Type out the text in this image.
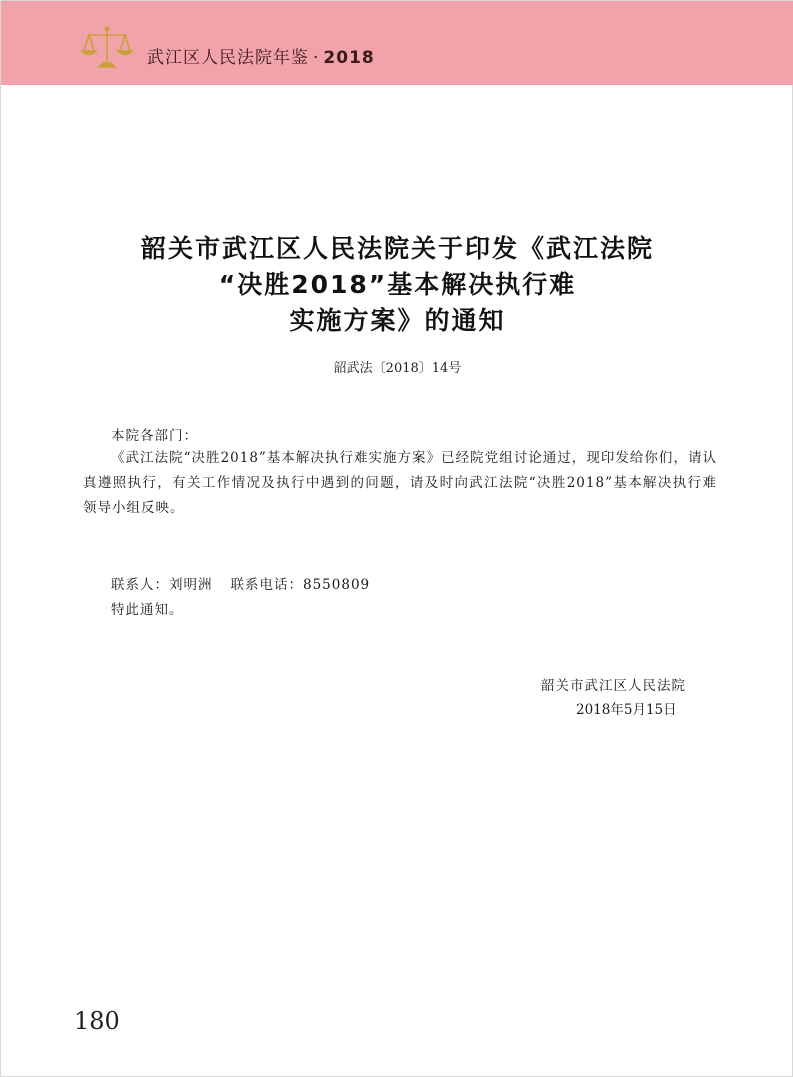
武江区人民法院年鉴 · 2018
韶关市武江区人民法院关于印发《武江法院
“决胜2018”基本解决执行难
实施方案》的通知
韶武法〔2018〕14号
本院各部门：
《武江法院“决胜2018”基本解决执行难实施方案》已经院党组讨论通过，现印发给你们，请认真遵照执行，有关工作情况及执行中遇到的问题，请及时向武江法院“决胜2018”基本解决执行难领导小组反映。
联系人：刘明洲 联系电话：8550809
特此通知。
韶关市武江区人民法院
2018年5月15日
180
